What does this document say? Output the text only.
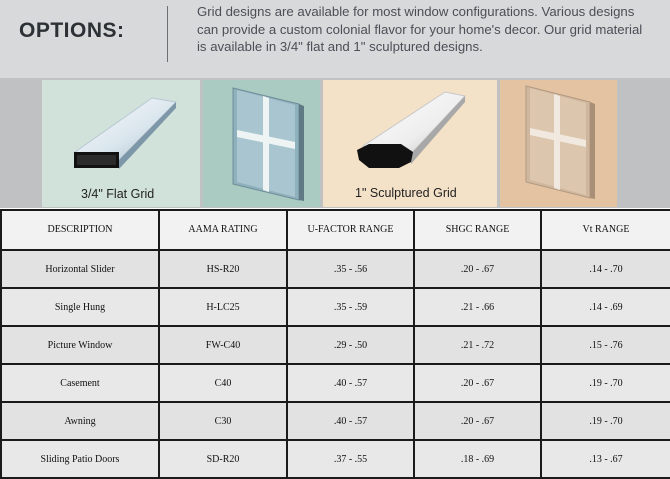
OPTIONS:
Grid designs are available for most window configurations. Various designs
can provide a custom colonial flavor for your home's decor. Our grid material
is available in 3/4" flat and 1" sculptured designs.
3/4" Flat Grid	1" Sculptured Grid
DESCRIPTION	AAMA RATING	U-FACTOR RANGE	SHGC RANGE	Vt RANGE
Horizontal Slider	HS-R20	.35 - .56	.20 - .67	.14 - .70
Single Hung	H-LC25	.35 - .59	.21 - .66	.14 - .69
Picture Window	FW-C40	.29 - .50	.21 - .72	.15 - .76
Casement	C40	.40 - .57	.20 - .67	.19 - .70
Awning	C30	.40 - .57	.20 - .67	.19 - .70
Sliding Patio Doors	SD-R20	.37 - .55	.18 - .69	.13 - .67
